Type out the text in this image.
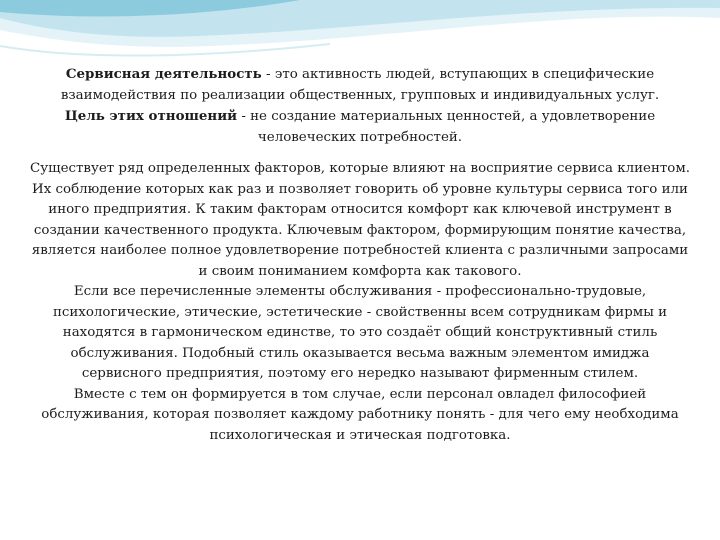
Сервисная деятельность - это активность людей, вступающих в специфические взаимодействия по реализации общественных, групповых и индивидуальных услуг. Цель этих отношений - не создание материальных ценностей, а удовлетворение человеческих потребностей.

Существует ряд определенных факторов, которые влияют на восприятие сервиса клиентом. Их соблюдение которых как раз и позволяет говорить об уровне культуры сервиса того или иного предприятия. К таким факторам относится комфорт как ключевой инструмент в создании качественного продукта. Ключевым фактором, формирующим понятие качества, является наиболее полное удовлетворение потребностей клиента с различными запросами и своим пониманием комфорта как такового.

Если все перечисленные элементы обслуживания - профессионально-трудовые, психологические, этические, эстетические - свойственны всем сотрудникам фирмы и находятся в гармоническом единстве, то это создаёт общий конструктивный стиль обслуживания. Подобный стиль оказывается весьма важным элементом имиджа сервисного предприятия, поэтому его нередко называют фирменным стилем.

Вместе с тем он формируется в том случае, если персонал овладел философией обслуживания, которая позволяет каждому работнику понять - для чего ему необходима психологическая и этическая подготовка.
